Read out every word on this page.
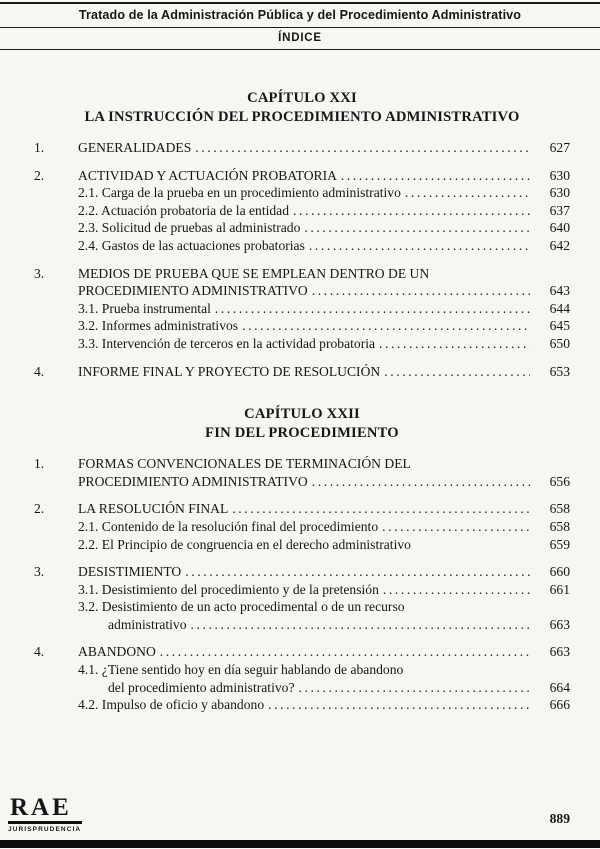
Tratado de la Administración Pública y del Procedimiento Administrativo
ÍNDICE
CAPÍTULO XXI
LA INSTRUCCIÓN DEL PROCEDIMIENTO ADMINISTRATIVO
1.	GENERALIDADES .....	627
2.	ACTIVIDAD Y ACTUACIÓN PROBATORIA .....	630
2.1. Carga de la prueba en un procedimiento administrativo .....	630
2.2. Actuación probatoria de la entidad .....	637
2.3. Solicitud de pruebas al administrado .....	640
2.4. Gastos de las actuaciones probatorias .....	642
3.	MEDIOS DE PRUEBA QUE SE EMPLEAN DENTRO DE UN
PROCEDIMIENTO ADMINISTRATIVO .....	643
3.1. Prueba instrumental .....	644
3.2. Informes administrativos .....	645
3.3. Intervención de terceros en la actividad probatoria .....	650
4.	INFORME FINAL Y PROYECTO DE RESOLUCIÓN .....	653
CAPÍTULO XXII
FIN DEL PROCEDIMIENTO
1.	FORMAS CONVENCIONALES DE TERMINACIÓN DEL
PROCEDIMIENTO ADMINISTRATIVO .....	656
2.	LA RESOLUCIÓN FINAL .....	658
2.1. Contenido de la resolución final del procedimiento .....	658
2.2. El Principio de congruencia en el derecho administrativo	659
3.	DESISTIMIENTO .....	660
3.1. Desistimiento del procedimiento y de la pretensión .....	661
3.2. Desistimiento de un acto procedimental o de un recurso
administrativo .....	663
4.	ABANDONO .....	663
4.1. ¿Tiene sentido hoy en día seguir hablando de abandono
del procedimiento administrativo? .....	664
4.2. Impulso de oficio y abandono .....	666
RAE
JURISPRUDENCIA
889
